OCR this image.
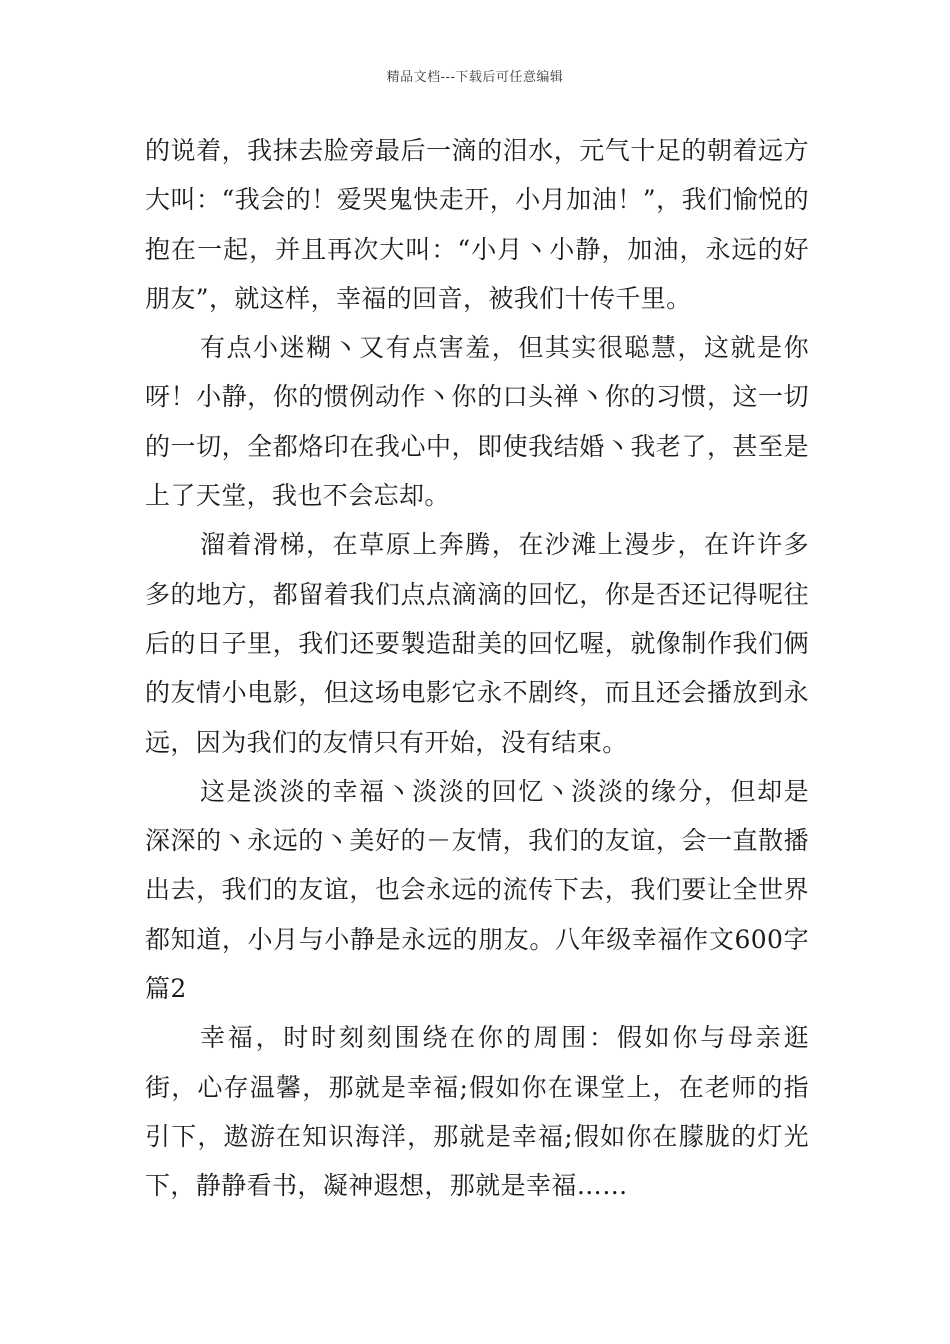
精品文档---下载后可任意编辑

的说着，我抹去脸旁最后一滴的泪水，元气十足的朝着远方大叫：“我会的！爱哭鬼快走开，小月加油！”，我们愉悦的抱在一起，并且再次大叫：“小月丶小静，加油，永远的好朋友”，就这样，幸福的回音，被我们十传千里。

有点小迷糊丶又有点害羞，但其实很聪慧，这就是你呀！小静，你的惯例动作丶你的口头禅丶你的习惯，这一切的一切，全都烙印在我心中，即使我结婚丶我老了，甚至是上了天堂，我也不会忘却。

溜着滑梯，在草原上奔腾，在沙滩上漫步，在许许多多的地方，都留着我们点点滴滴的回忆，你是否还记得呢往后的日子里，我们还要製造甜美的回忆喔，就像制作我们俩的友情小电影，但这场电影它永不剧终，而且还会播放到永远，因为我们的友情只有开始，没有结束。

这是淡淡的幸福丶淡淡的回忆丶淡淡的缘分，但却是深深的丶永远的丶美好的－友情，我们的友谊，会一直散播出去，我们的友谊，也会永远的流传下去，我们要让全世界都知道，小月与小静是永远的朋友。八年级幸福作文600字 篇2

幸福，时时刻刻围绕在你的周围：假如你与母亲逛街，心存温馨，那就是幸福;假如你在课堂上，在老师的指引下，遨游在知识海洋，那就是幸福;假如你在朦胧的灯光下，静静看书，凝神遐想，那就是幸福……
